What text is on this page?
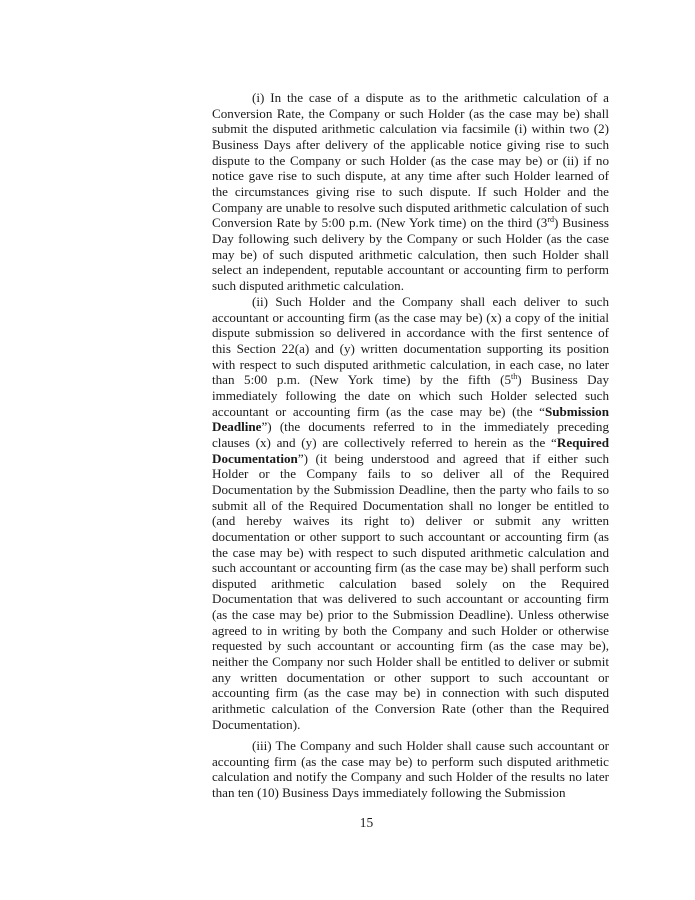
(i) In the case of a dispute as to the arithmetic calculation of a Conversion Rate, the Company or such Holder (as the case may be) shall submit the disputed arithmetic calculation via facsimile (i) within two (2) Business Days after delivery of the applicable notice giving rise to such dispute to the Company or such Holder (as the case may be) or (ii) if no notice gave rise to such dispute, at any time after such Holder learned of the circumstances giving rise to such dispute. If such Holder and the Company are unable to resolve such disputed arithmetic calculation of such Conversion Rate by 5:00 p.m. (New York time) on the third (3rd) Business Day following such delivery by the Company or such Holder (as the case may be) of such disputed arithmetic calculation, then such Holder shall select an independent, reputable accountant or accounting firm to perform such disputed arithmetic calculation.
(ii) Such Holder and the Company shall each deliver to such accountant or accounting firm (as the case may be) (x) a copy of the initial dispute submission so delivered in accordance with the first sentence of this Section 22(a) and (y) written documentation supporting its position with respect to such disputed arithmetic calculation, in each case, no later than 5:00 p.m. (New York time) by the fifth (5th) Business Day immediately following the date on which such Holder selected such accountant or accounting firm (as the case may be) (the “Submission Deadline”) (the documents referred to in the immediately preceding clauses (x) and (y) are collectively referred to herein as the “Required Documentation”) (it being understood and agreed that if either such Holder or the Company fails to so deliver all of the Required Documentation by the Submission Deadline, then the party who fails to so submit all of the Required Documentation shall no longer be entitled to (and hereby waives its right to) deliver or submit any written documentation or other support to such accountant or accounting firm (as the case may be) with respect to such disputed arithmetic calculation and such accountant or accounting firm (as the case may be) shall perform such disputed arithmetic calculation based solely on the Required Documentation that was delivered to such accountant or accounting firm (as the case may be) prior to the Submission Deadline). Unless otherwise agreed to in writing by both the Company and such Holder or otherwise requested by such accountant or accounting firm (as the case may be), neither the Company nor such Holder shall be entitled to deliver or submit any written documentation or other support to such accountant or accounting firm (as the case may be) in connection with such disputed arithmetic calculation of the Conversion Rate (other than the Required Documentation).
(iii) The Company and such Holder shall cause such accountant or accounting firm (as the case may be) to perform such disputed arithmetic calculation and notify the Company and such Holder of the results no later than ten (10) Business Days immediately following the Submission
15
